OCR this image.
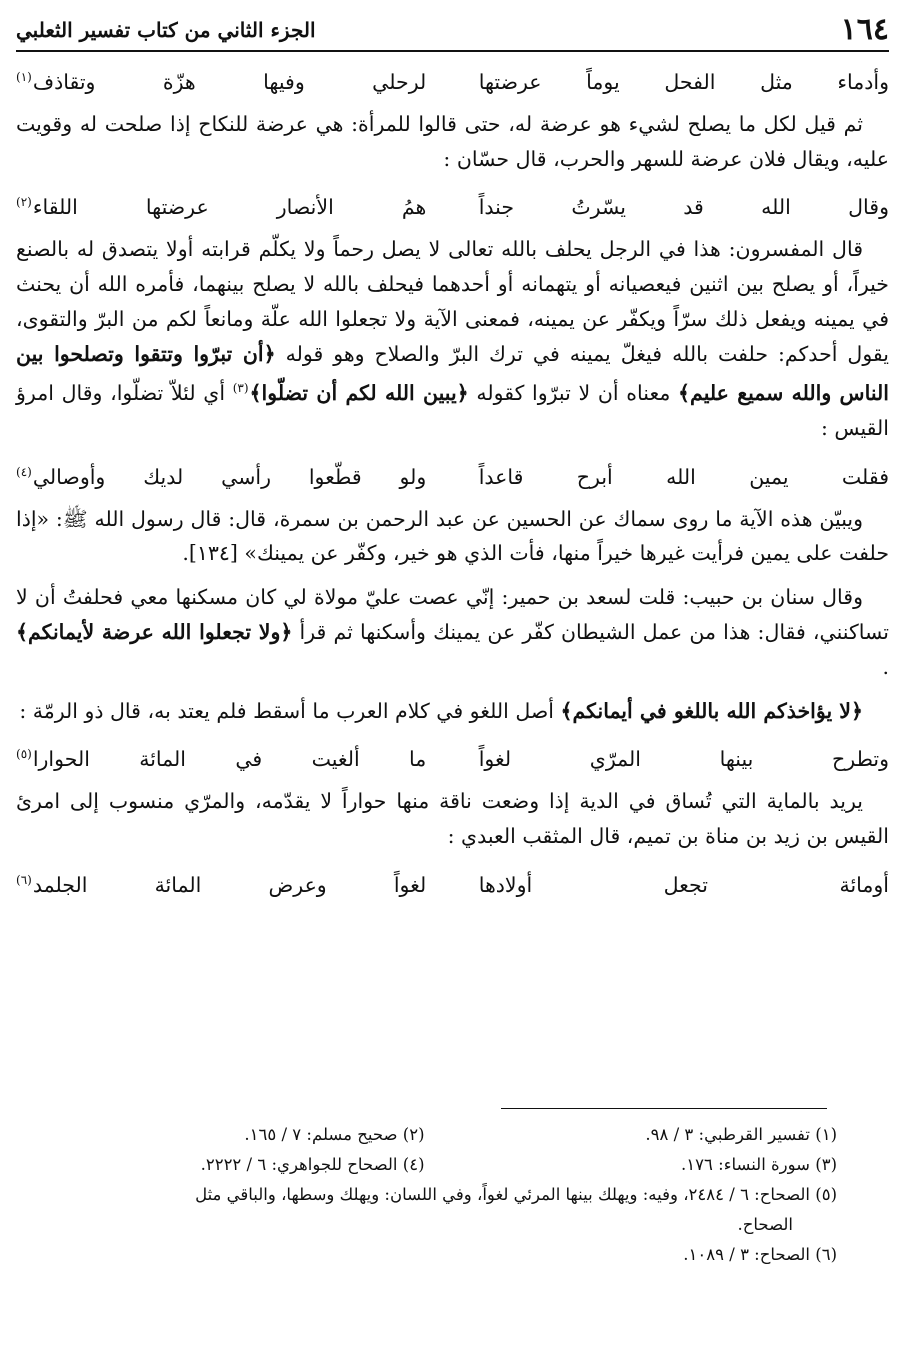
١٦٤
الجزء الثاني من كتاب تفسير الثعلبي
وأدماء مثل الفحل يوماً عرضتها
لرحلي وفيها هزّة وتقاذف$^{(١)}$

ثم قيل لكل ما يصلح لشيء هو عرضة له، حتى قالوا للمرأة: هي عرضة للنكاح إذا صلحت له وقويت عليه، ويقال فلان عرضة للسهر والحرب، قال حسّان :

وقال الله قد يسّرتُ جنداً
همُ الأنصار عرضتها اللقاء$^{(٢)}$

قال المفسرون: هذا في الرجل يحلف بالله تعالى لا يصل رحماً ولا يكلّم قرابته أولا يتصدق له بالصنع خيراً، أو يصلح بين اثنين فيعصيانه أو يتهمانه أو أحدهما فيحلف بالله لا يصلح بينهما، فأمره الله أن يحنث في يمينه ويفعل ذلك سرّاً ويكفّر عن يمينه، فمعنى الآية ولا تجعلوا الله علّة ومانعاً لكم من البرّ والتقوى، يقول أحدكم: حلفت بالله فيغلّ يمينه في ترك البرّ والصلاح وهو قوله ﴿أن تبرّوا وتتقوا وتصلحوا بين الناس والله سميع عليم﴾ معناه أن لا تبرّوا كقوله ﴿يبين الله لكم أن تضلّوا﴾$^{(٣)}$ أي لئلاّ تضلّوا، وقال امرؤ القيس :

فقلت يمين الله أبرح قاعداً
ولو قطّعوا رأسي لديك وأوصالي$^{(٤)}$

ويبيّن هذه الآية ما روى سماك عن الحسين عن عبد الرحمن بن سمرة، قال: قال رسول الله ﷺ: «إذا حلفت على يمين فرأيت غيرها خيراً منها، فأت الذي هو خير، وكفّر عن يمينك» [١٣٤].

وقال سنان بن حبيب: قلت لسعد بن حمير: إنّي عصت عليّ مولاة لي كان مسكنها معي فحلفتُ أن لا تساكنني، فقال: هذا من عمل الشيطان كفّر عن يمينك وأسكنها ثم قرأ ﴿ولا تجعلوا الله عرضة لأيمانكم﴾ .

﴿لا يؤاخذكم الله باللغو في أيمانكم﴾ أصل اللغو في كلام العرب ما أسقط فلم يعتد به، قال ذو الرمّة :

وتطرح بينها المرّي لغواً
ما ألغيت في المائة الحوارا$^{(٥)}$

يريد بالماية التي تُساق في الدية إذا وضعت ناقة منها حواراً لا يقدّمه، والمرّي منسوب إلى امرئ القيس بن زيد بن مناة بن تميم، قال المثقب العبدي :

أومائة تجعل أولادها
لغواً وعرض المائة الجلمد$^{(٦)}$
(١) تفسير القرطبي: ٣ / ٩٨.
(٢) صحيح مسلم: ٧ / ١٦٥.
(٣) سورة النساء: ١٧٦.
(٤) الصحاح للجواهري: ٦ / ٢٢٢٢.
(٥) الصحاح: ٦ / ٢٤٨٤، وفيه: ويهلك بينها المرئي لغواً، وفي اللسان: ويهلك وسطها، والباقي مثل
الصحاح.
(٦) الصحاح: ٣ / ١٠٨٩.
